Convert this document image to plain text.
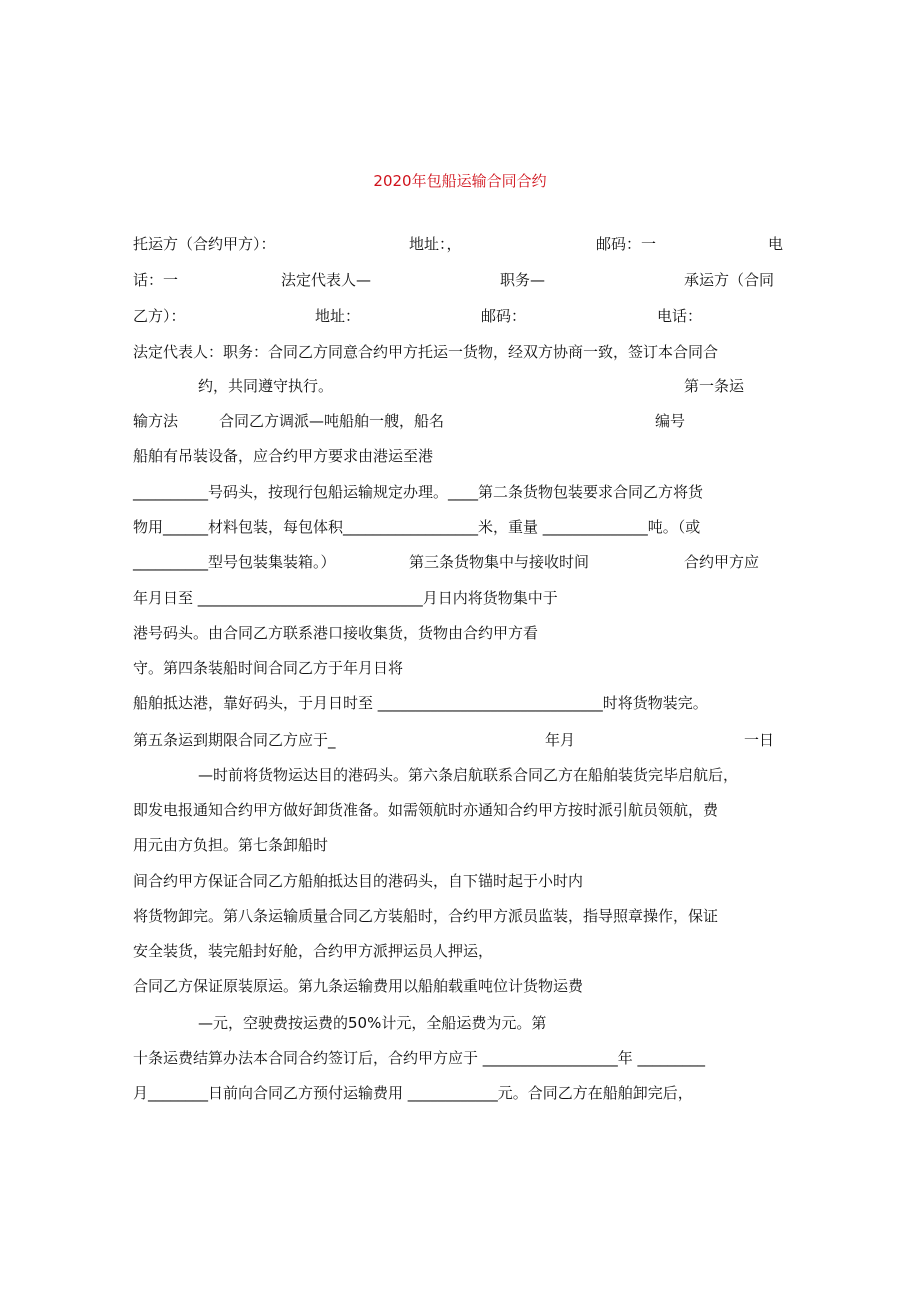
2020年包船运输合同合约
托运方（合约甲方）：	地址：，	邮码：一	电
话：一	法定代表人—	职务—	承运方（合同
乙方）：	地址：	邮码：	电话：
法定代表人：职务：合同乙方同意合约甲方托运一货物，经双方协商一致，签订本合同合
约，共同遵守执行。	第一条运
输方法	合同乙方调派—吨船舶一艘，船名	编号
船舶有吊装设备，应合约甲方要求由港运至港
__________号码头，按现行包船运输规定办理。____第二条货物包装要求合同乙方将货
物用______材料包装，每包体积__________________米，重量 ______________吨。（或
__________型号包装集装箱。）	第三条货物集中与接收时间	合约甲方应
年月日至 ______________________________月日内将货物集中于
港号码头。由合同乙方联系港口接收集货，货物由合约甲方看
守。第四条装船时间合同乙方于年月日将
船舶抵达港，靠好码头，于月日时至 ______________________________时将货物装完。
第五条运到期限合同乙方应于_	年月	一日
—时前将货物运达目的港码头。第六条启航联系合同乙方在船舶装货完毕启航后，
即发电报通知合约甲方做好卸货准备。如需领航时亦通知合约甲方按时派引航员领航，费
用元由方负担。第七条卸船时
间合约甲方保证合同乙方船舶抵达目的港码头，自下锚时起于小时内
将货物卸完。第八条运输质量合同乙方装船时，合约甲方派员监装，指导照章操作，保证
安全装货，装完船封好舱，合约甲方派押运员人押运，
合同乙方保证原装原运。第九条运输费用以船舶载重吨位计货物运费
—元，空驶费按运费的50%计元，全船运费为元。第
十条运费结算办法本合同合约签订后，合约甲方应于 __________________年 _________
月________日前向合同乙方预付运输费用 ____________元。合同乙方在船舶卸完后，
